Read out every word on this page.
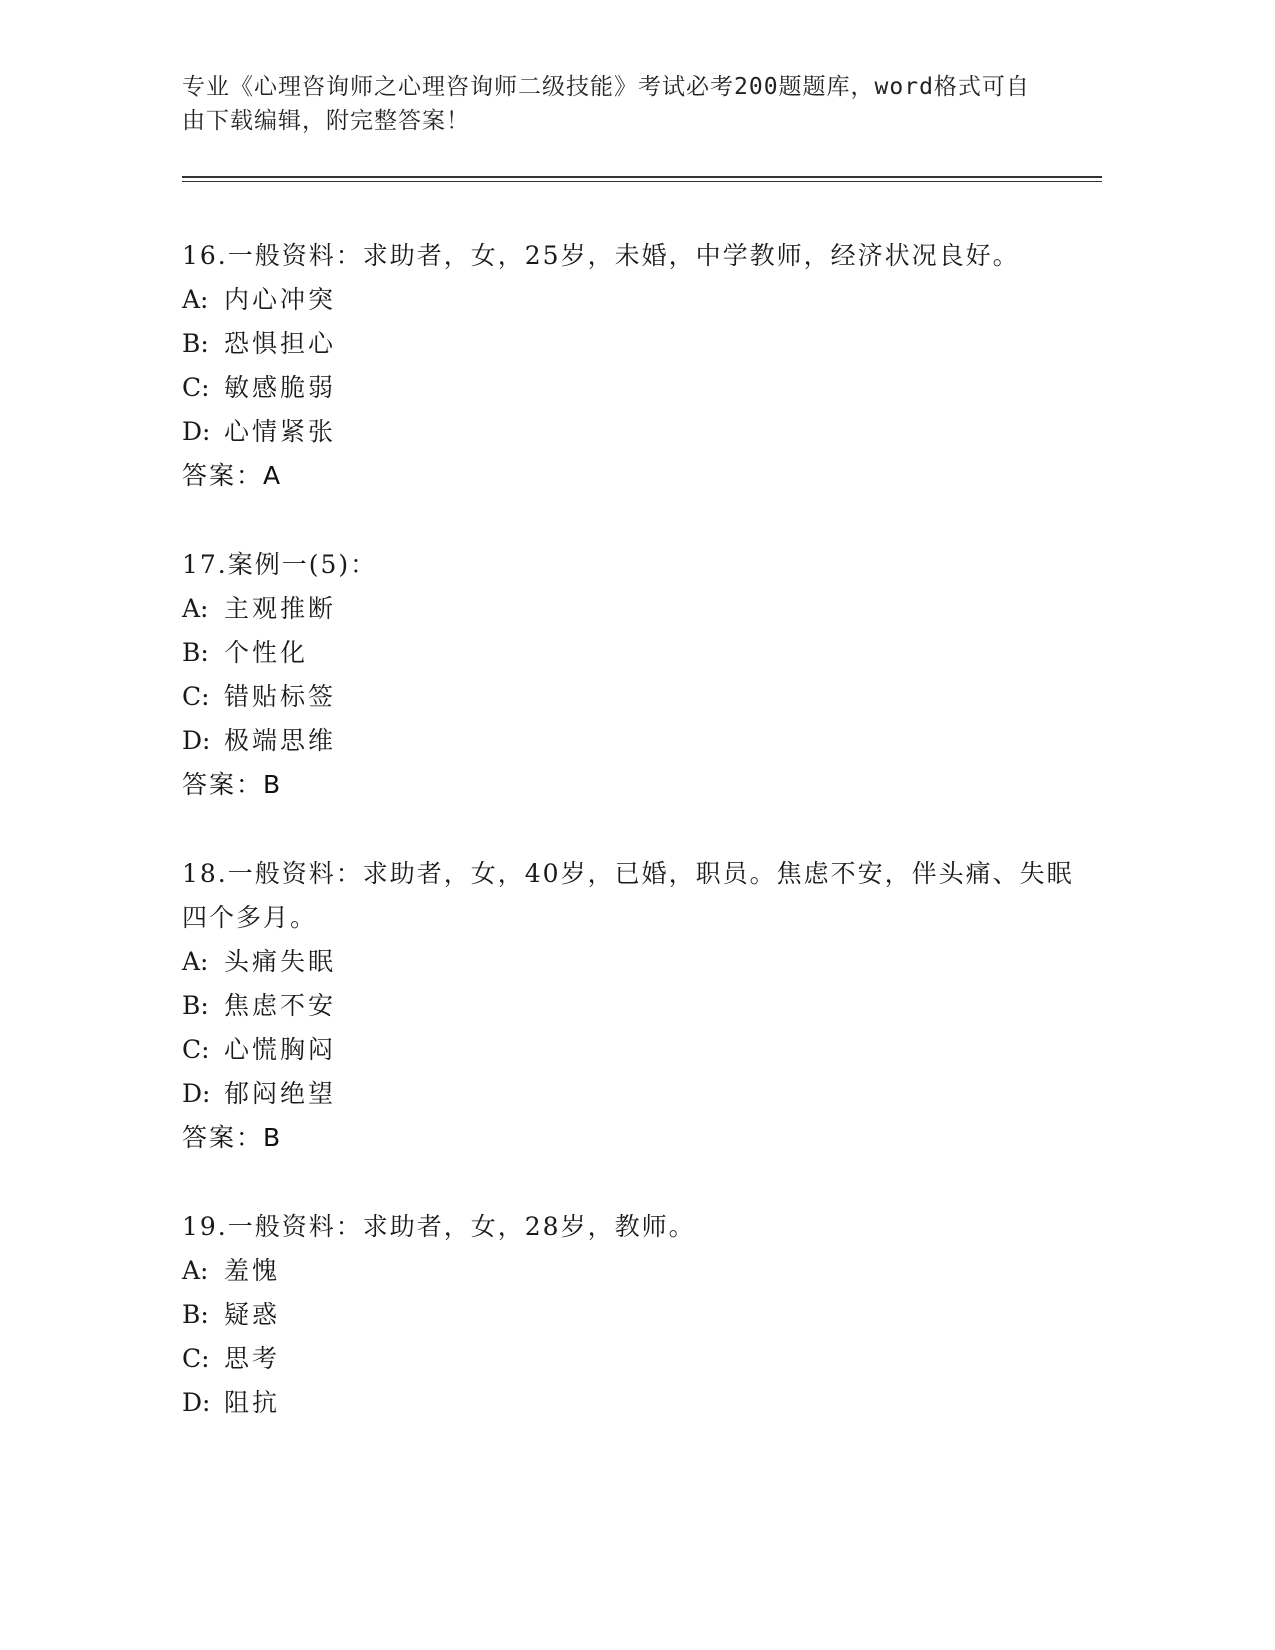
专业《心理咨询师之心理咨询师二级技能》考试必考200题题库，word格式可自由下载编辑，附完整答案！

16.一般资料：求助者，女，25岁，未婚，中学教师，经济状况良好。

A: 内心冲突
B: 恐惧担心
C: 敏感脆弱
D: 心情紧张
答案：A

17.案例一(5)：

A: 主观推断
B: 个性化
C: 错贴标签
D: 极端思维
答案：B

18.一般资料：求助者，女，40岁，已婚，职员。焦虑不安，伴头痛、失眠四个多月。

A: 头痛失眠
B: 焦虑不安
C: 心慌胸闷
D: 郁闷绝望
答案：B

19.一般资料：求助者，女，28岁，教师。

A: 羞愧
B: 疑惑
C: 思考
D: 阻抗
